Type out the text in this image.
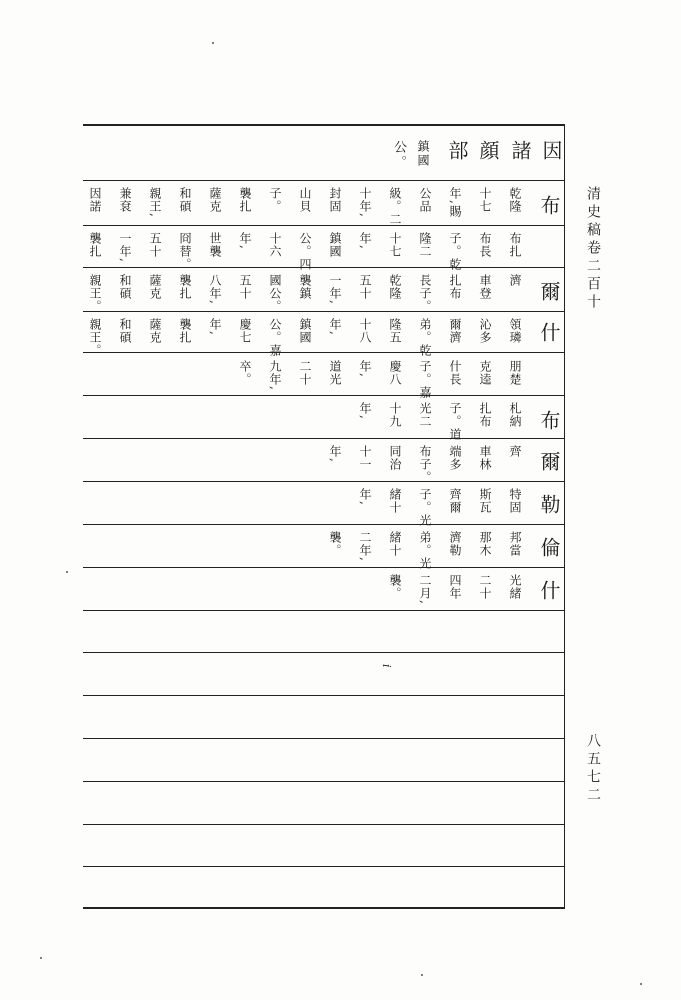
清史稿卷二百十
八五七二
因
諸
顔
部
鎮國
公。
布
爾
什
布
爾
勒
倫
什
因諾
襲扎
親王。
親王。
兼袞
一年,
和碩
和碩
親王,
五十
薩克
薩克
和碩
冏替。
襲扎
襲扎
薩克
世襲
八年,
年,
襲扎
年,
五十
慶七
子。
十六
國公。
公。嘉
山貝
公。四
襲鎮
鎮國
封固
鎮國
一年,
年,
十年,
年,
五十
十八
級。二
十七
乾隆
隆五
公品
隆二
長子。
弟。乾
年,賜
子。乾
扎布
爾濟
十七
布長
車登
沁多
乾隆
布扎
濟
領璘
卒。 九年, 二十 道光 年, 慶八 子。嘉 什長 克逵 朋楚
年, 十九 光二 子。道 扎布 札納
年, 十一 同治 布子。 端多 車林 齊
年, 緒十 子。光 齊爾 斯瓦 特固
襲。 二年, 緒十 弟。光 濟勒 那木 邦當
襲。 二月, 四年 二十 光緒
i
